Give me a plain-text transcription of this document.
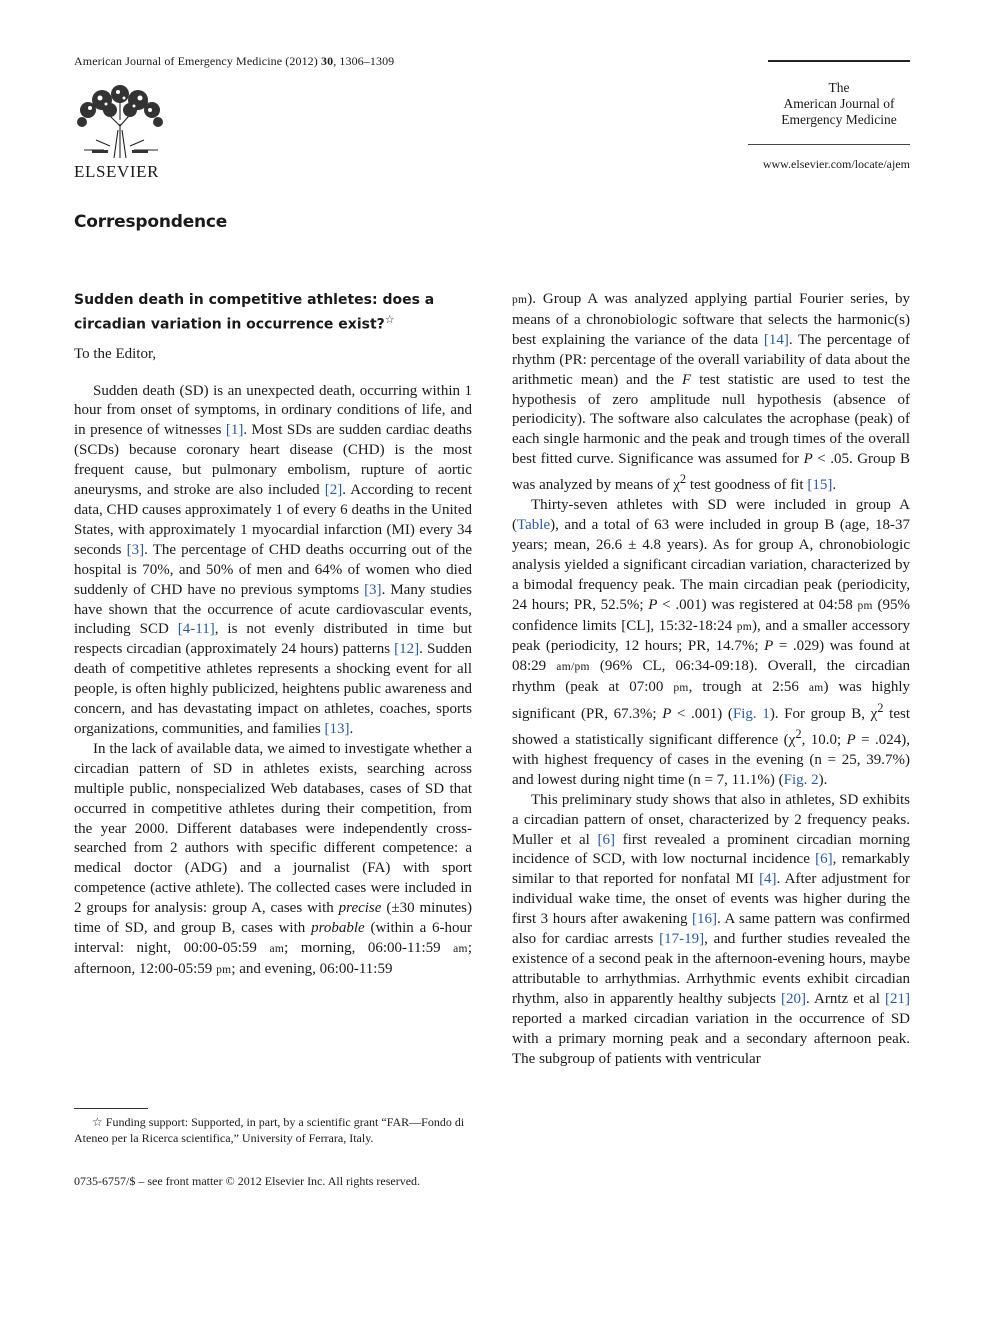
American Journal of Emergency Medicine (2012) 30, 1306–1309
ELSEVIER
The
American Journal of
Emergency Medicine
www.elsevier.com/locate/ajem
Correspondence
Sudden death in competitive athletes: does a circadian variation in occurrence exist?☆

To the Editor,

Sudden death (SD) is an unexpected death, occurring within 1 hour from onset of symptoms, in ordinary conditions of life, and in presence of witnesses [1]. Most SDs are sudden cardiac deaths (SCDs) because coronary heart disease (CHD) is the most frequent cause, but pulmonary embolism, rupture of aortic aneurysms, and stroke are also included [2]. According to recent data, CHD causes approximately 1 of every 6 deaths in the United States, with approximately 1 myocardial infarction (MI) every 34 seconds [3]. The percentage of CHD deaths occurring out of the hospital is 70%, and 50% of men and 64% of women who died suddenly of CHD have no previous symptoms [3]. Many studies have shown that the occurrence of acute cardiovascular events, including SCD [4-11], is not evenly distributed in time but respects circadian (approximately 24 hours) patterns [12]. Sudden death of competitive athletes represents a shocking event for all people, is often highly publicized, heightens public awareness and concern, and has devastating impact on athletes, coaches, sports organizations, communities, and families [13].

In the lack of available data, we aimed to investigate whether a circadian pattern of SD in athletes exists, searching across multiple public, nonspecialized Web databases, cases of SD that occurred in competitive athletes during their competition, from the year 2000. Different databases were independently cross-searched from 2 authors with specific different competence: a medical doctor (ADG) and a journalist (FA) with sport competence (active athlete). The collected cases were included in 2 groups for analysis: group A, cases with precise (±30 minutes) time of SD, and group B, cases with probable (within a 6-hour interval: night, 00:00-05:59 am; morning, 06:00-11:59 am; afternoon, 12:00-05:59 pm; and evening, 06:00-11:59

pm). Group A was analyzed applying partial Fourier series, by means of a chronobiologic software that selects the harmonic(s) best explaining the variance of the data [14]. The percentage of rhythm (PR: percentage of the overall variability of data about the arithmetic mean) and the F test statistic are used to test the hypothesis of zero amplitude null hypothesis (absence of periodicity). The software also calculates the acrophase (peak) of each single harmonic and the peak and trough times of the overall best fitted curve. Significance was assumed for P < .05. Group B was analyzed by means of $\chi^2$ test goodness of fit [15].

Thirty-seven athletes with SD were included in group A (Table), and a total of 63 were included in group B (age, 18-37 years; mean, 26.6 ± 4.8 years). As for group A, chronobiologic analysis yielded a significant circadian variation, characterized by a bimodal frequency peak. The main circadian peak (periodicity, 24 hours; PR, 52.5%; P < .001) was registered at 04:58 pm (95% confidence limits [CL], 15:32-18:24 pm), and a smaller accessory peak (periodicity, 12 hours; PR, 14.7%; P = .029) was found at 08:29 am/pm (96% CL, 06:34-09:18). Overall, the circadian rhythm (peak at 07:00 pm, trough at 2:56 am) was highly significant (PR, 67.3%; P < .001) (Fig. 1). For group B, $\chi^2$ test showed a statistically significant difference ($\chi^2$, 10.0; P = .024), with highest frequency of cases in the evening (n = 25, 39.7%) and lowest during night time (n = 7, 11.1%) (Fig. 2).

This preliminary study shows that also in athletes, SD exhibits a circadian pattern of onset, characterized by 2 frequency peaks. Muller et al [6] first revealed a prominent circadian morning incidence of SCD, with low nocturnal incidence [6], remarkably similar to that reported for nonfatal MI [4]. After adjustment for individual wake time, the onset of events was higher during the first 3 hours after awakening [16]. A same pattern was confirmed also for cardiac arrests [17-19], and further studies revealed the existence of a second peak in the afternoon-evening hours, maybe attributable to arrhythmias. Arrhythmic events exhibit circadian rhythm, also in apparently healthy subjects [20]. Arntz et al [21] reported a marked circadian variation in the occurrence of SD with a primary morning peak and a secondary afternoon peak. The subgroup of patients with ventricular

☆ Funding support: Supported, in part, by a scientific grant “FAR—Fondo di Ateneo per la Ricerca scientifica,” University of Ferrara, Italy.
0735-6757/$ – see front matter © 2012 Elsevier Inc. All rights reserved.
